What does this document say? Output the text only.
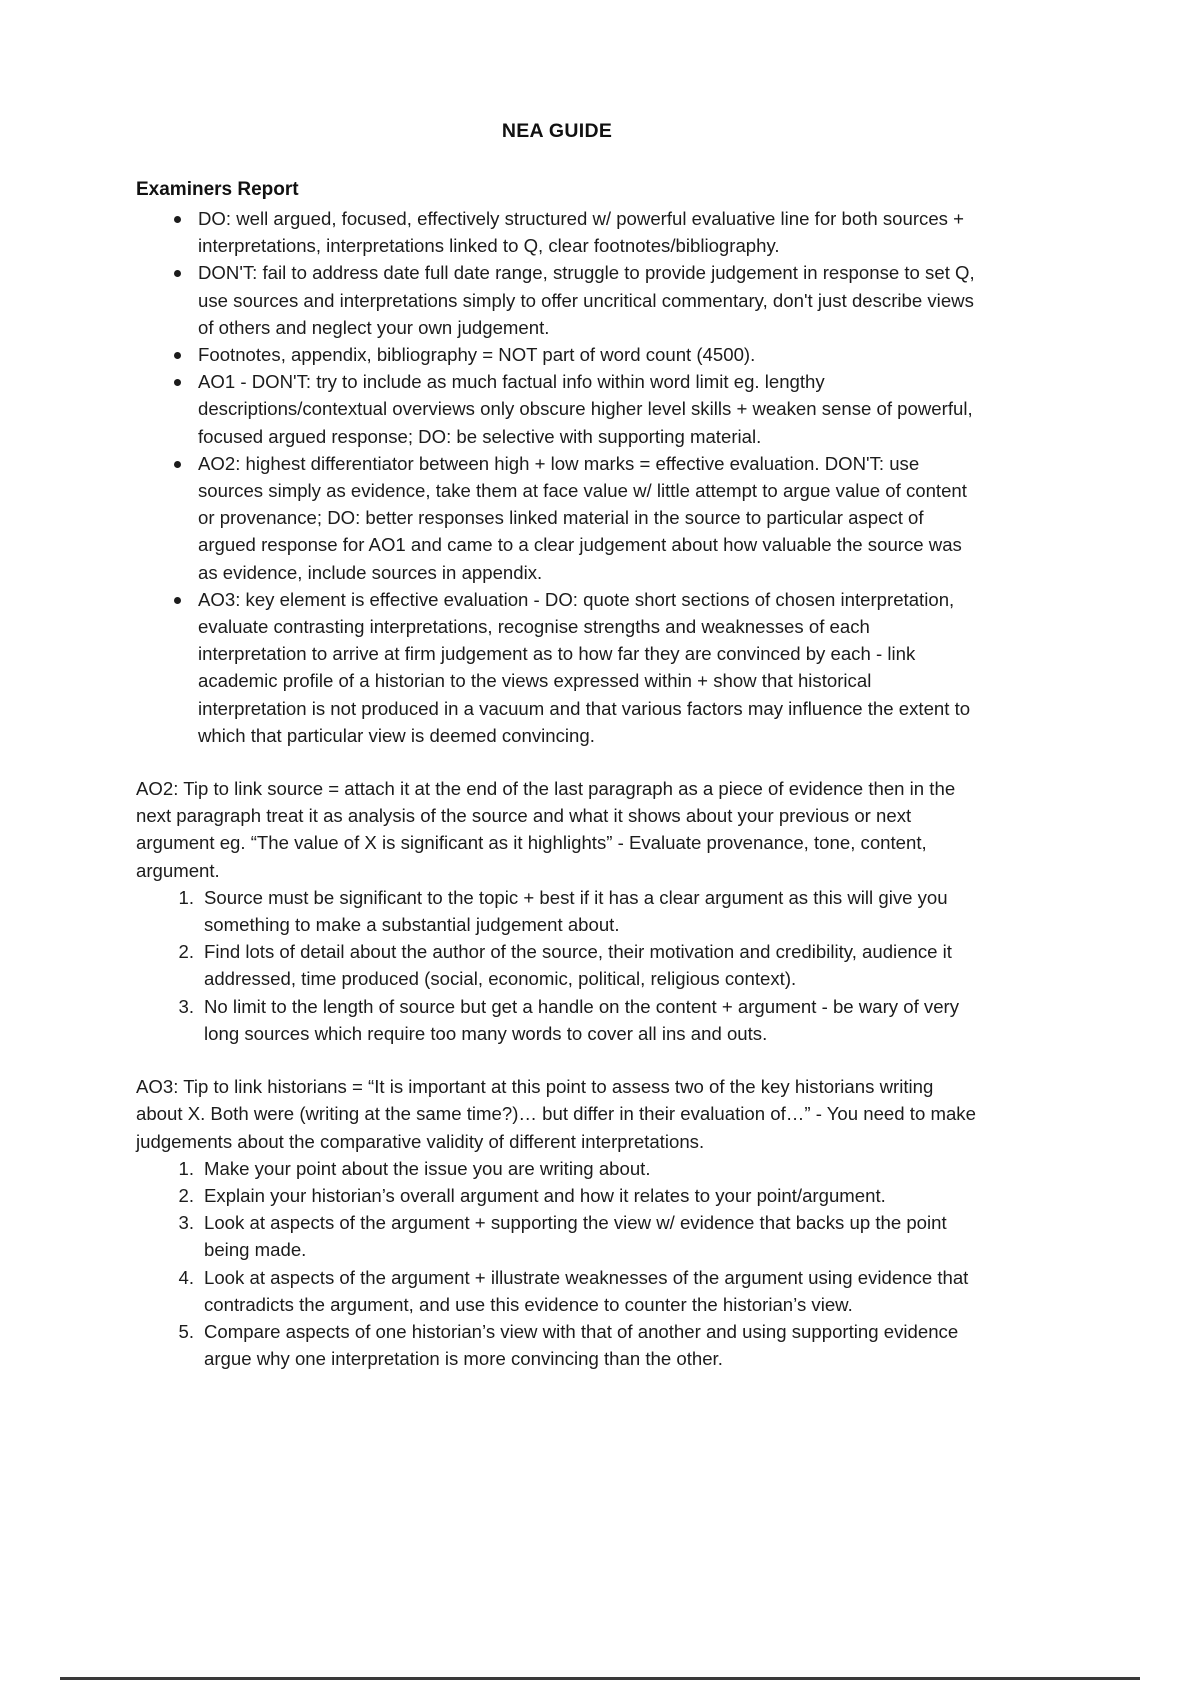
NEA GUIDE
Examiners Report
DO: well argued, focused, effectively structured w/ powerful evaluative line for both sources + interpretations, interpretations linked to Q, clear footnotes/bibliography.
DON'T: fail to address date full date range, struggle to provide judgement in response to set Q, use sources and interpretations simply to offer uncritical commentary, don't just describe views of others and neglect your own judgement.
Footnotes, appendix, bibliography = NOT part of word count (4500).
AO1 - DON'T: try to include as much factual info within word limit eg. lengthy descriptions/contextual overviews only obscure higher level skills + weaken sense of powerful, focused argued response; DO: be selective with supporting material.
AO2: highest differentiator between high + low marks = effective evaluation. DON'T: use sources simply as evidence, take them at face value w/ little attempt to argue value of content or provenance; DO: better responses linked material in the source to particular aspect of argued response for AO1 and came to a clear judgement about how valuable the source was as evidence, include sources in appendix.
AO3: key element is effective evaluation - DO: quote short sections of chosen interpretation, evaluate contrasting interpretations, recognise strengths and weaknesses of each interpretation to arrive at firm judgement as to how far they are convinced by each - link academic profile of a historian to the views expressed within + show that historical interpretation is not produced in a vacuum and that various factors may influence the extent to which that particular view is deemed convincing.

AO2: Tip to link source = attach it at the end of the last paragraph as a piece of evidence then in the next paragraph treat it as analysis of the source and what it shows about your previous or next argument eg. “The value of X is significant as it highlights” - Evaluate provenance, tone, content, argument.

Source must be significant to the topic + best if it has a clear argument as this will give you something to make a substantial judgement about.
Find lots of detail about the author of the source, their motivation and credibility, audience it addressed, time produced (social, economic, political, religious context).
No limit to the length of source but get a handle on the content + argument - be wary of very long sources which require too many words to cover all ins and outs.

AO3: Tip to link historians = “It is important at this point to assess two of the key historians writing about X. Both were (writing at the same time?)… but differ in their evaluation of…” - You need to make judgements about the comparative validity of different interpretations.

Make your point about the issue you are writing about.
Explain your historian’s overall argument and how it relates to your point/argument.
Look at aspects of the argument + supporting the view w/ evidence that backs up the point being made.
Look at aspects of the argument + illustrate weaknesses of the argument using evidence that contradicts the argument, and use this evidence to counter the historian’s view.
Compare aspects of one historian’s view with that of another and using supporting evidence argue why one interpretation is more convincing than the other.
